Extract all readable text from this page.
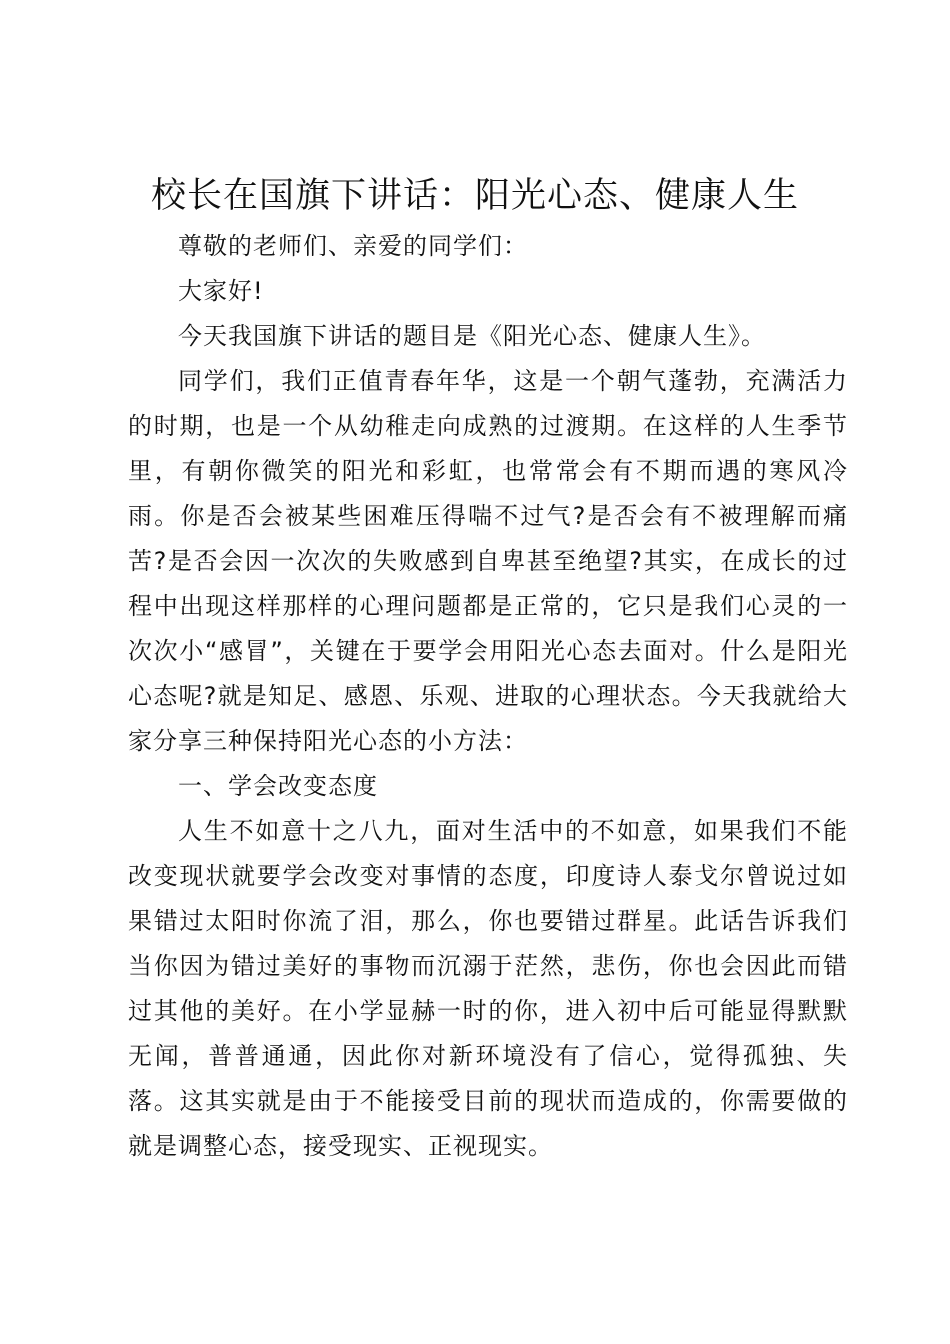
校长在国旗下讲话：阳光心态、健康人生

尊敬的老师们、亲爱的同学们：

大家好!

今天我国旗下讲话的题目是《阳光心态、健康人生》。

同学们，我们正值青春年华，这是一个朝气蓬勃，充满活力的时期，也是一个从幼稚走向成熟的过渡期。在这样的人生季节里，有朝你微笑的阳光和彩虹，也常常会有不期而遇的寒风冷雨。你是否会被某些困难压得喘不过气?是否会有不被理解而痛苦?是否会因一次次的失败感到自卑甚至绝望?其实，在成长的过程中出现这样那样的心理问题都是正常的，它只是我们心灵的一次次小“感冒”，关键在于要学会用阳光心态去面对。什么是阳光心态呢?就是知足、感恩、乐观、进取的心理状态。今天我就给大家分享三种保持阳光心态的小方法：

一、学会改变态度

人生不如意十之八九，面对生活中的不如意，如果我们不能改变现状就要学会改变对事情的态度，印度诗人泰戈尔曾说过如果错过太阳时你流了泪，那么，你也要错过群星。此话告诉我们当你因为错过美好的事物而沉溺于茫然，悲伤，你也会因此而错过其他的美好。在小学显赫一时的你，进入初中后可能显得默默无闻，普普通通，因此你对新环境没有了信心，觉得孤独、失落。这其实就是由于不能接受目前的现状而造成的，你需要做的就是调整心态，接受现实、正视现实。
